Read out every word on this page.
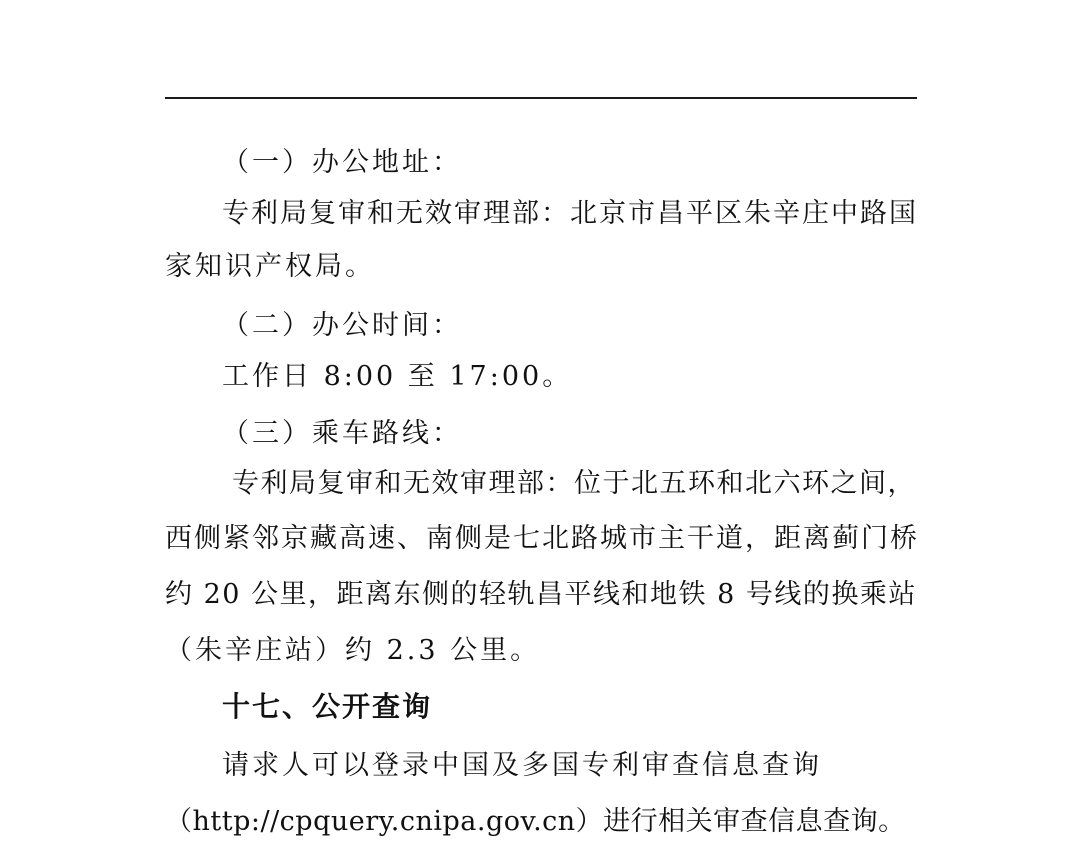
（一）办公地址：
专利局复审和无效审理部：北京市昌平区朱辛庄中路国
家知识产权局。
（二）办公时间：
工作日 8:00 至 17:00。
（三）乘车路线：
专利局复审和无效审理部：位于北五环和北六环之间，
西侧紧邻京藏高速、南侧是七北路城市主干道，距离蓟门桥
约 20 公里，距离东侧的轻轨昌平线和地铁 8 号线的换乘站
（朱辛庄站）约 2.3 公里。
十七、公开查询
请求人可以登录中国及多国专利审查信息查询
（http://cpquery.cnipa.gov.cn）进行相关审查信息查询。
